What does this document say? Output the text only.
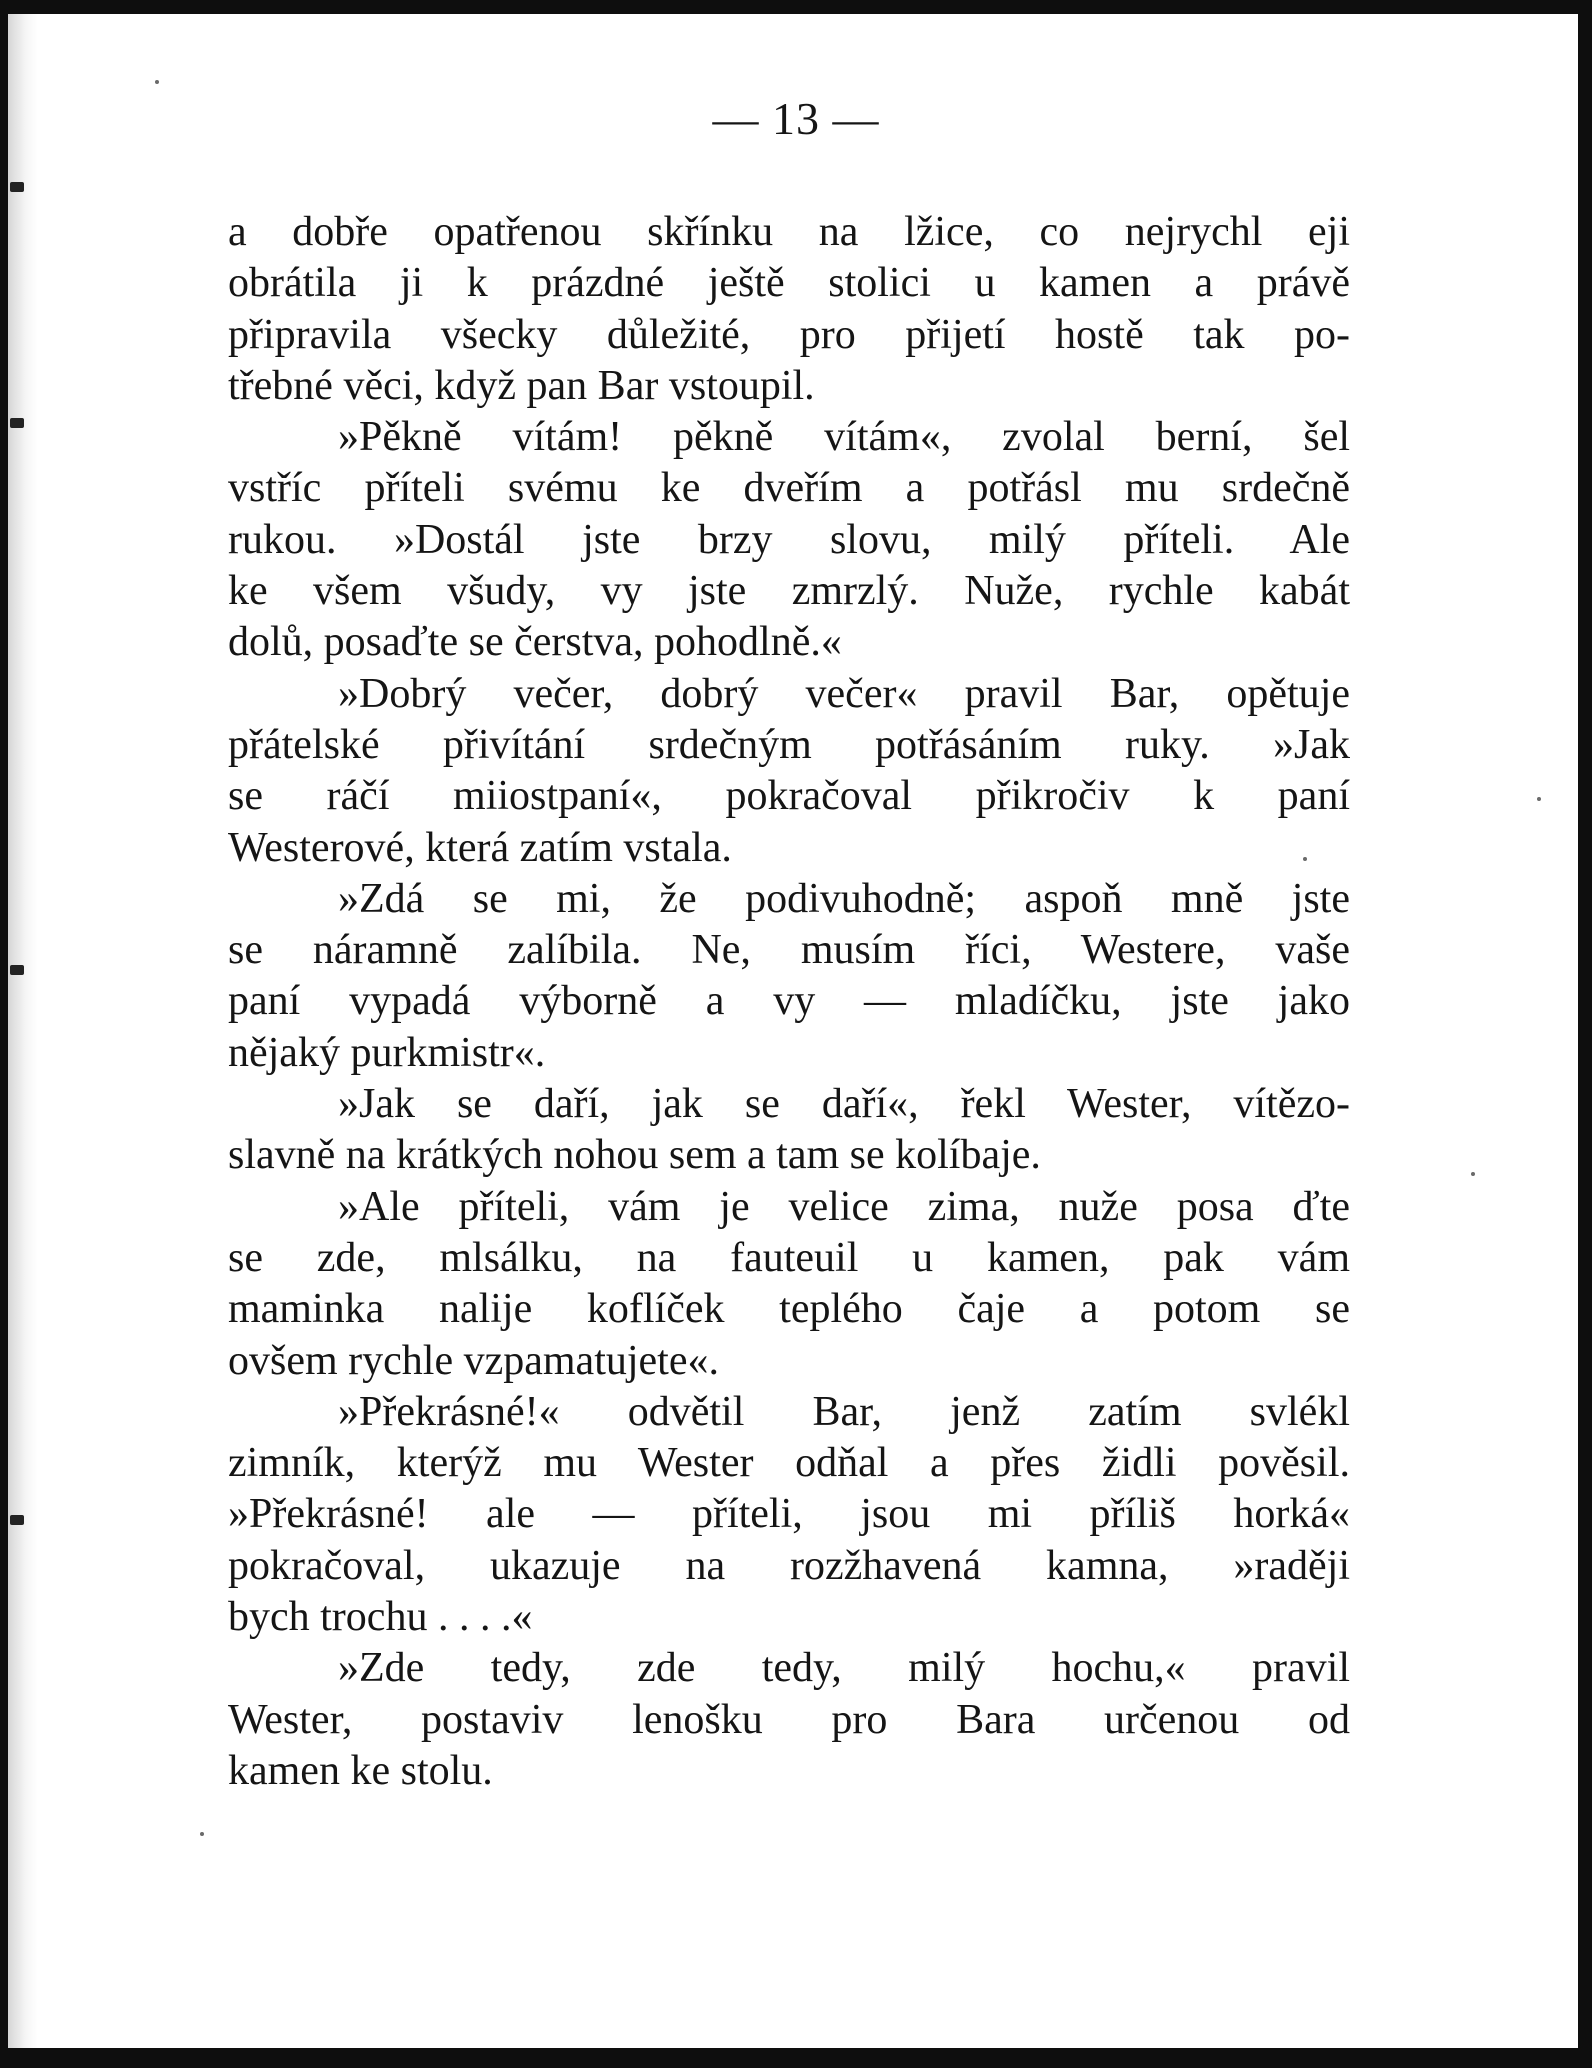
— 13 —
a dobře opatřenou skřínku na lžice, co nejrychl eji
obrátila ji k prázdné ještě stolici u kamen a právě
připravila všecky důležité, pro přijetí hostě tak po-
třebné věci, když pan Bar vstoupil.
»Pěkně vítám! pěkně vítám«, zvolal berní, šel
vstříc příteli svému ke dveřím a potřásl mu srdečně
rukou. »Dostál jste brzy slovu, milý příteli. Ale
ke všem všudy, vy jste zmrzlý. Nuže, rychle kabát
dolů, posaďte se čerstva, pohodlně.«
»Dobrý večer, dobrý večer« pravil Bar, opětuje
přátelské přivítání srdečným potřásáním ruky. »Jak
se ráčí miiostpaní«, pokračoval přikročiv k paní
Westerové, která zatím vstala.
»Zdá se mi, že podivuhodně; aspoň mně jste
se náramně zalíbila. Ne, musím říci, Westere, vaše
paní vypadá výborně a vy — mladíčku, jste jako
nějaký purkmistr«.
»Jak se daří, jak se daří«, řekl Wester, vítězo-
slavně na krátkých nohou sem a tam se kolíbaje.
»Ale příteli, vám je velice zima, nuže posa ďte
se zde, mlsálku, na fauteuil u kamen, pak vám
maminka nalije koflíček teplého čaje a potom se
ovšem rychle vzpamatujete«.
»Překrásné!« odvětil Bar, jenž zatím svlékl
zimník, kterýž mu Wester odňal a přes židli pověsil.
»Překrásné! ale — příteli, jsou mi příliš horká«
pokračoval, ukazuje na rozžhavená kamna, »raději
bych trochu . . . .«
»Zde tedy, zde tedy, milý hochu,« pravil
Wester, postaviv lenošku pro Bara určenou od
kamen ke stolu.
